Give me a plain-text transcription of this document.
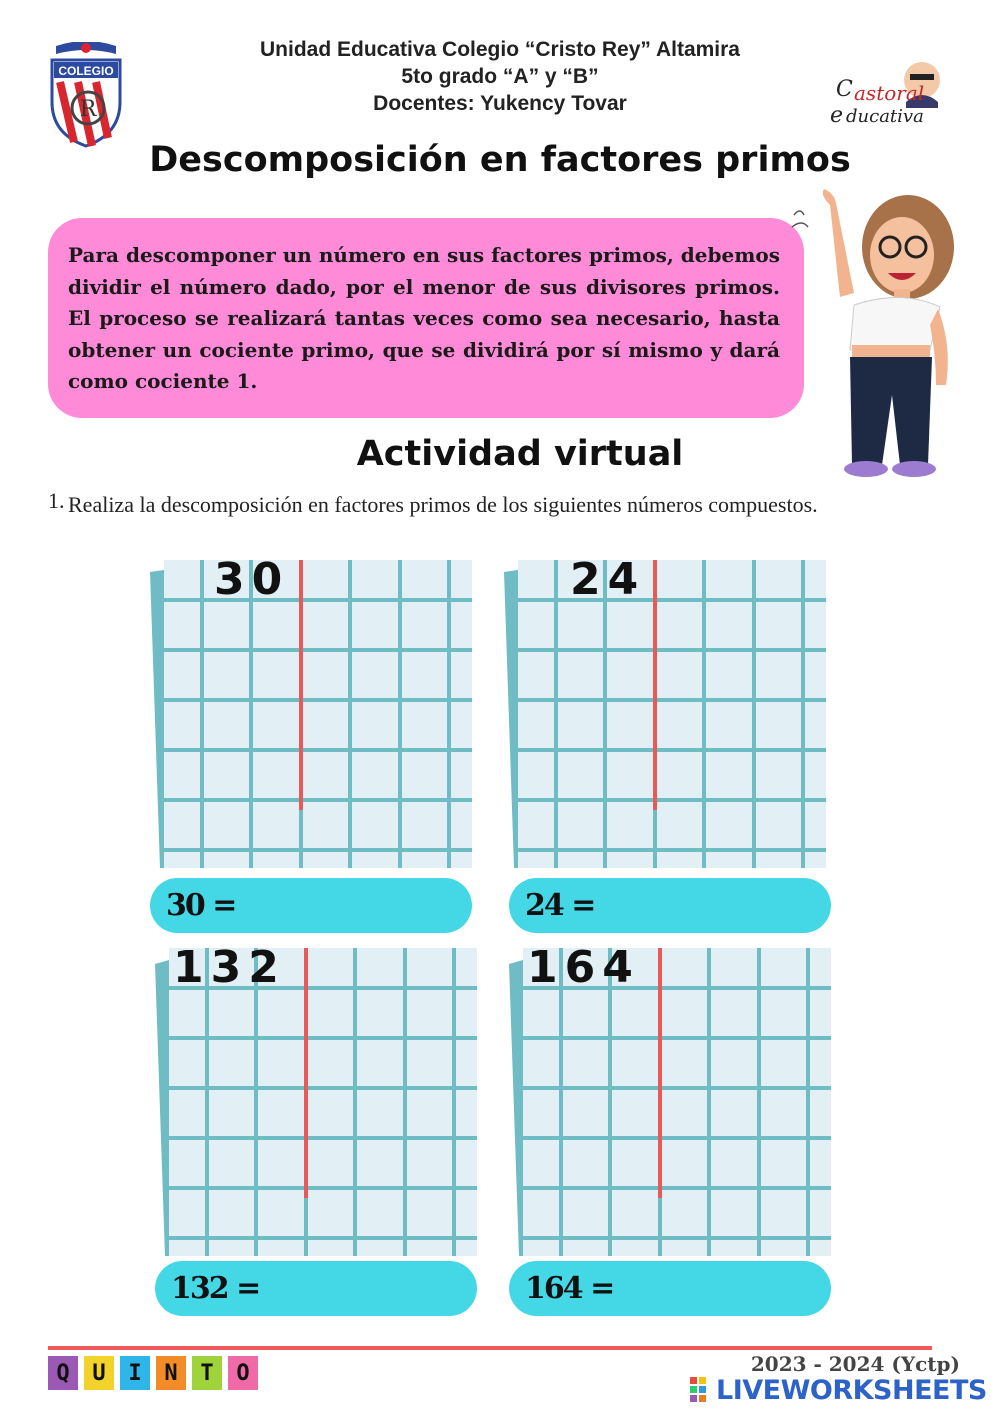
COLEGIO
R
Unidad Educativa Colegio “Cristo Rey” Altamira
5to grado “A” y “B”
Docentes: Yukency Tovar
C astoral
e ducativa
Descomposición en factores primos
Para descomponer un número en sus factores primos, debemos dividir el número dado, por el menor de sus divisores primos. El proceso se realizará tantas veces como sea necesario, hasta obtener un cociente primo, que se dividirá por sí mismo y dará como cociente 1.
Actividad virtual
1. Realiza la descomposición en factores primos de los siguientes números compuestos.
30
30 =
24
24 =
132
132 =
164
164 =
Q	U	I	N	T	O	2023 - 2024 (Yctp)
LIVEWORKSHEETS
